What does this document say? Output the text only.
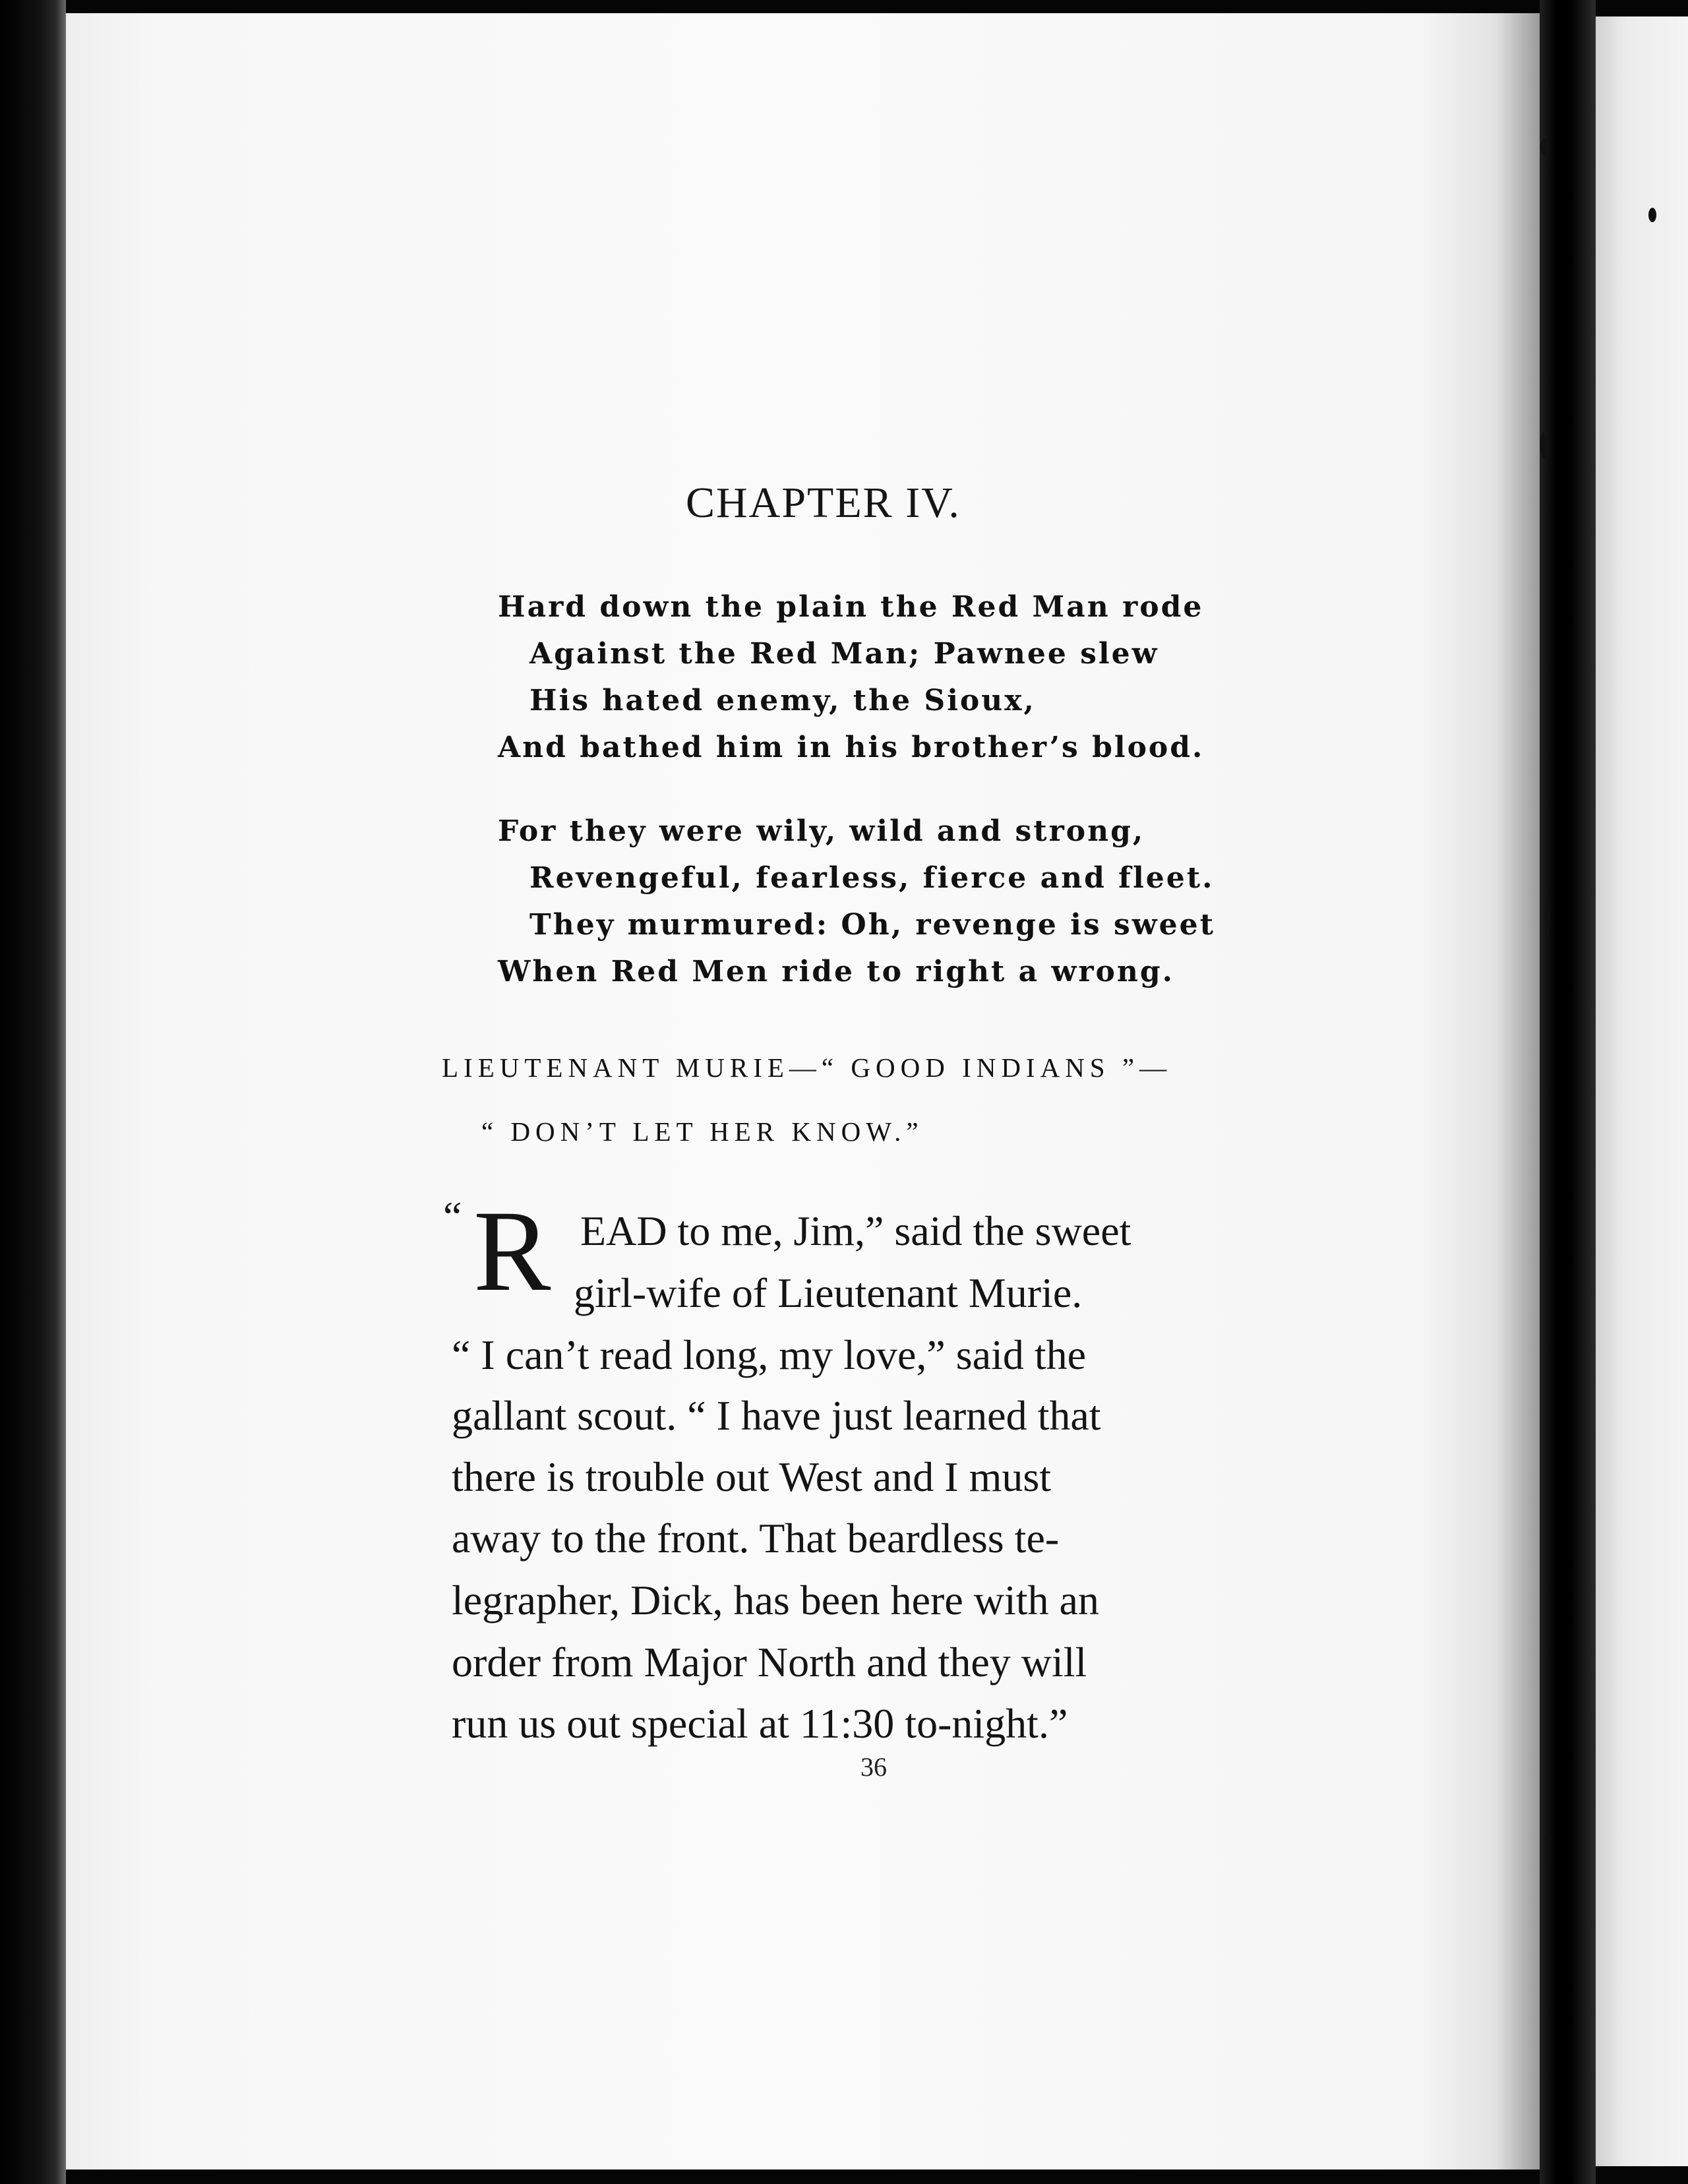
CHAPTER IV.
Hard down the plain the Red Man rode
Against the Red Man; Pawnee slew
His hated enemy, the Sioux,
And bathed him in his brother’s blood.
For they were wily, wild and strong,
Revengeful, fearless, fierce and fleet.
They murmured: Oh, revenge is sweet
When Red Men ride to right a wrong.
LIEUTENANT MURIE—“ GOOD INDIANS ”—
“ DON’T LET HER KNOW.”
“ R EAD to me, Jim,” said the sweet
girl-wife of Lieutenant Murie.
“ I can’t read long, my love,” said the
gallant scout. “ I have just learned that
there is trouble out West and I must
away to the front. That beardless te-
legrapher, Dick, has been here with an
order from Major North and they will
run us out special at 11:30 to-night.”
36
